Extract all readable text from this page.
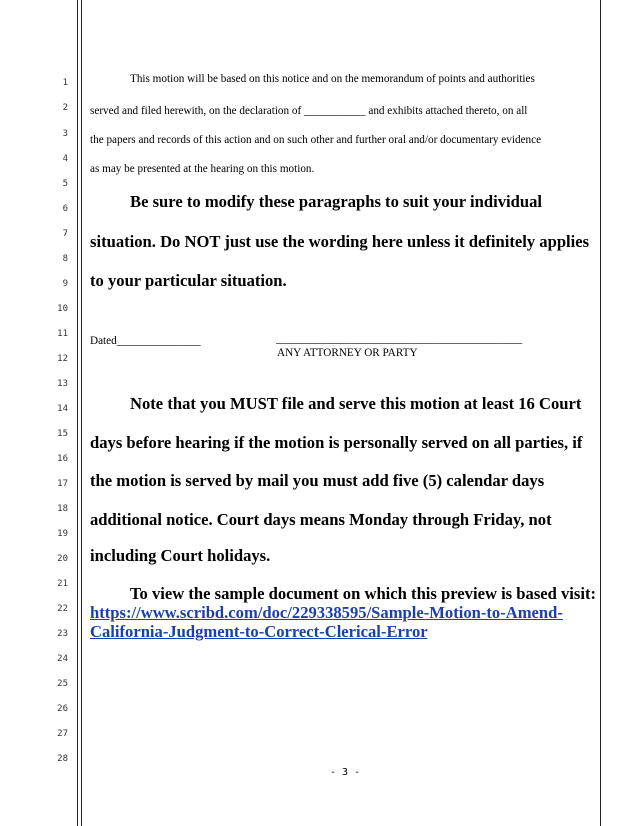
1
2
3
4
5
6
7
8
9
10
11
12
13
14
15
16
17
18
19
20
21
22
23
24
25
26
27
28
This motion will be based on this notice and on the memorandum of points and authorities
served and filed herewith, on the declaration of ___________ and exhibits attached thereto, on all
the papers and records of this action and on such other and further oral and/or documentary evidence
as may be presented at the hearing on this motion.
Be sure to modify these paragraphs to suit your individual
situation. Do NOT just use the wording here unless it definitely applies
to your particular situation.
Dated_______________	____________________________________________
ANY ATTORNEY OR PARTY
Note that you MUST file and serve this motion at least 16 Court
days before hearing if the motion is personally served on all parties, if
the motion is served by mail you must add five (5) calendar days
additional notice. Court days means Monday through Friday, not
including Court holidays.
To view the sample document on which this preview is based visit:
https://www.scribd.com/doc/229338595/Sample-Motion-to-Amend-
California-Judgment-to-Correct-Clerical-Error
- 3 -
